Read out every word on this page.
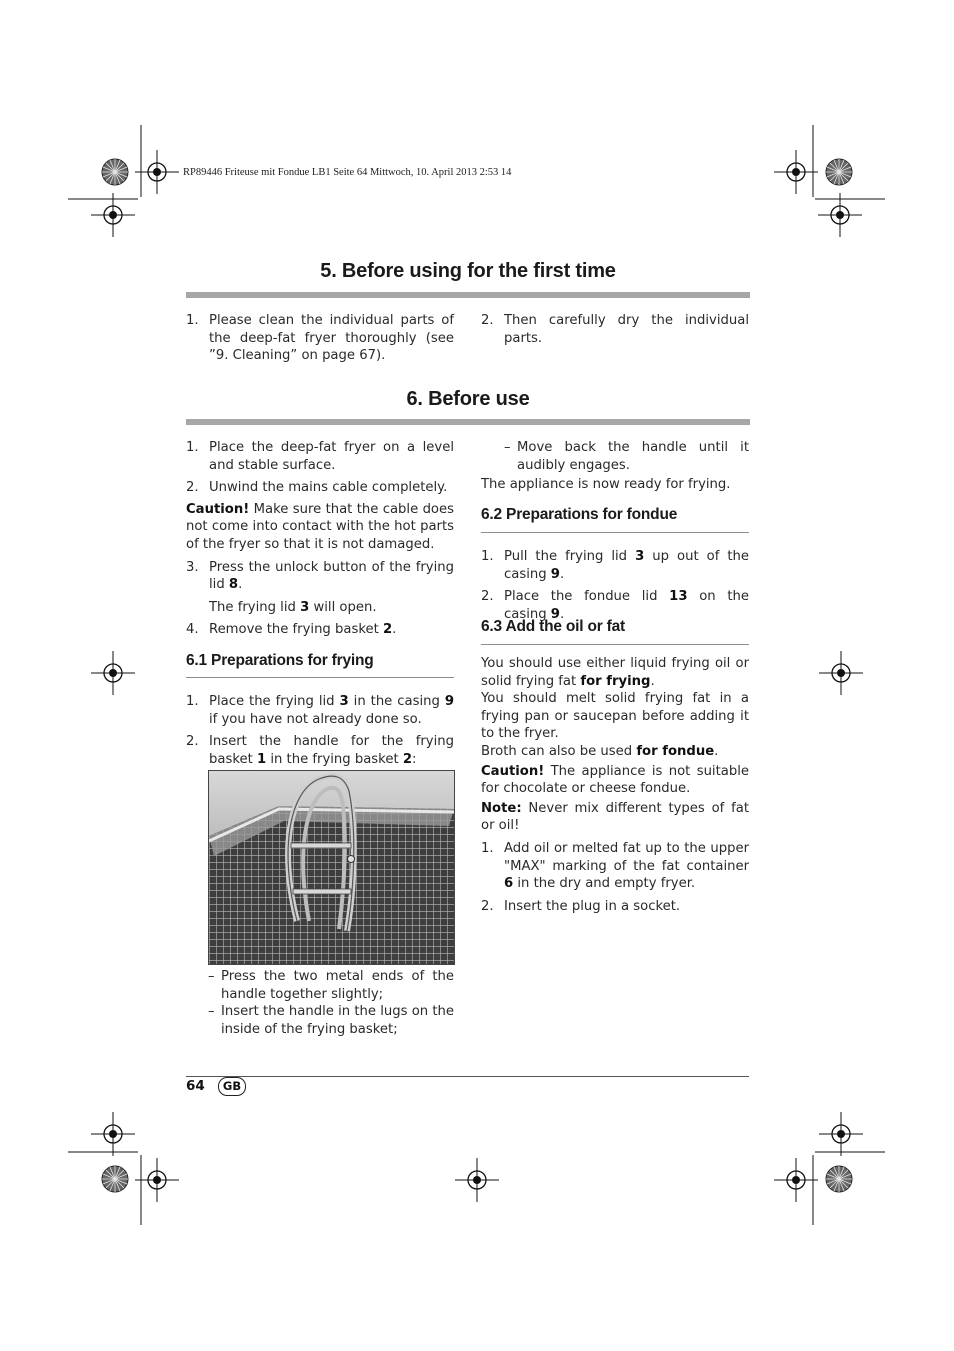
RP89446 Friteuse mit Fondue LB1 Seite 64 Mittwoch, 10. April 2013 2:53 14
5. Before using for the first time
1. Please clean the individual parts of the deep-fat fryer thoroughly (see ”9. Cleaning” on page 67).
2. Then carefully dry the individual parts.
6. Before use
1. Place the deep-fat fryer on a level and stable surface.
2. Unwind the mains cable completely.

Caution! Make sure that the cable does not come into contact with the hot parts of the fryer so that it is not damaged.

3. Press the unlock button of the frying lid 8.

The frying lid 3 will open.

4. Remove the frying basket 2.
6.1 Preparations for frying
1. Place the frying lid 3 in the casing 9 if you have not already done so.
2. Insert the handle for the frying basket 1 in the frying basket 2:
– Press the two metal ends of the handle together slightly;
– Insert the handle in the lugs on the inside of the frying basket;
– Move back the handle until it audibly engages.
The appliance is now ready for frying.
6.2 Preparations for fondue
1. Pull the frying lid 3 up out of the casing 9.
2. Place the fondue lid 13 on the casing 9.
6.3 Add the oil or fat

You should use either liquid frying oil or solid frying fat for frying.

You should melt solid frying fat in a frying pan or saucepan before adding it to the fryer.

Broth can also be used for fondue.

Caution! The appliance is not suitable for chocolate or cheese fondue.

Note: Never mix different types of fat or oil!

1. Add oil or melted fat up to the upper "MAX" marking of the fat container 6 in the dry and empty fryer.
2. Insert the plug in a socket.
64	GB
